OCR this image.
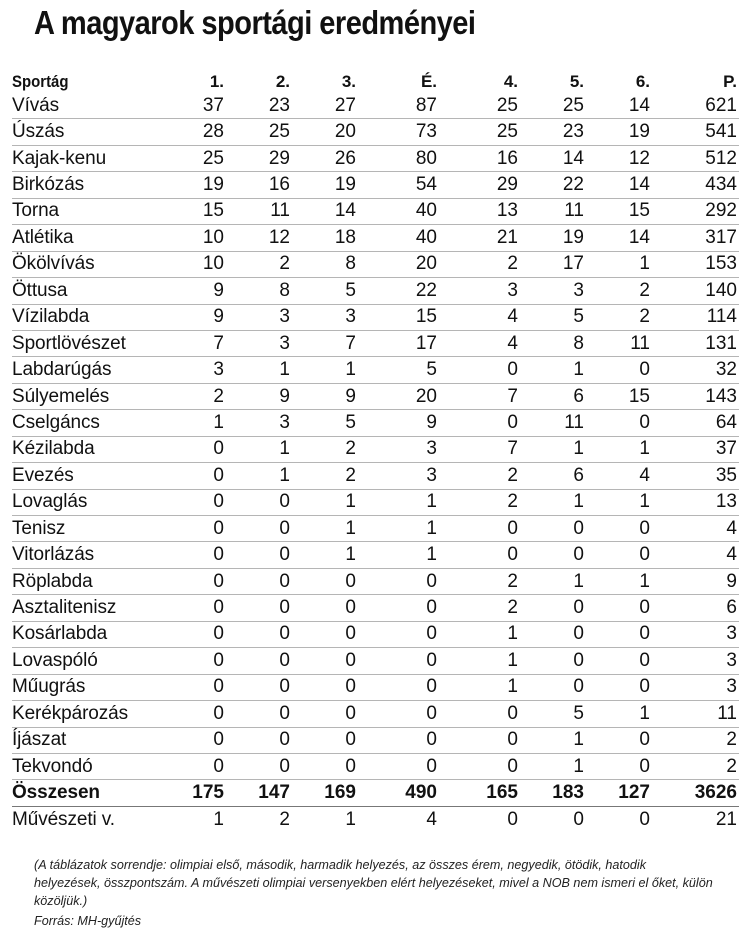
A magyarok sportági eredményei
Sportág	1.	2.	3.	É.	4.	5.	6.	P.
Vívás	37	23	27	87	25	25	14	621
Úszás	28	25	20	73	25	23	19	541
Kajak-kenu	25	29	26	80	16	14	12	512
Birkózás	19	16	19	54	29	22	14	434
Torna	15	11	14	40	13	11	15	292
Atlétika	10	12	18	40	21	19	14	317
Ökölvívás	10	2	8	20	2	17	1	153
Öttusa	9	8	5	22	3	3	2	140
Vízilabda	9	3	3	15	4	5	2	114
Sportlövészet	7	3	7	17	4	8	11	131
Labdarúgás	3	1	1	5	0	1	0	32
Súlyemelés	2	9	9	20	7	6	15	143
Cselgáncs	1	3	5	9	0	11	0	64
Kézilabda	0	1	2	3	7	1	1	37
Evezés	0	1	2	3	2	6	4	35
Lovaglás	0	0	1	1	2	1	1	13
Tenisz	0	0	1	1	0	0	0	4
Vitorlázás	0	0	1	1	0	0	0	4
Röplabda	0	0	0	0	2	1	1	9
Asztalitenisz	0	0	0	0	2	0	0	6
Kosárlabda	0	0	0	0	1	0	0	3
Lovaspóló	0	0	0	0	1	0	0	3
Műugrás	0	0	0	0	1	0	0	3
Kerékpározás	0	0	0	0	0	5	1	11
Íjászat	0	0	0	0	0	1	0	2
Tekvondó	0	0	0	0	0	1	0	2
Összesen	175	147	169	490	165	183	127	3626
Művészeti v.	1	2	1	4	0	0	0	21
(A táblázatok sorrendje: olimpiai első, második, harmadik helyezés, az összes érem, negyedik, ötödik, hatodik helyezések, összpontszám. A művészeti olimpiai versenyekben elért helyezéseket, mivel a NOB nem ismeri el őket, külön közöljük.)
Forrás: MH-gyűjtés
